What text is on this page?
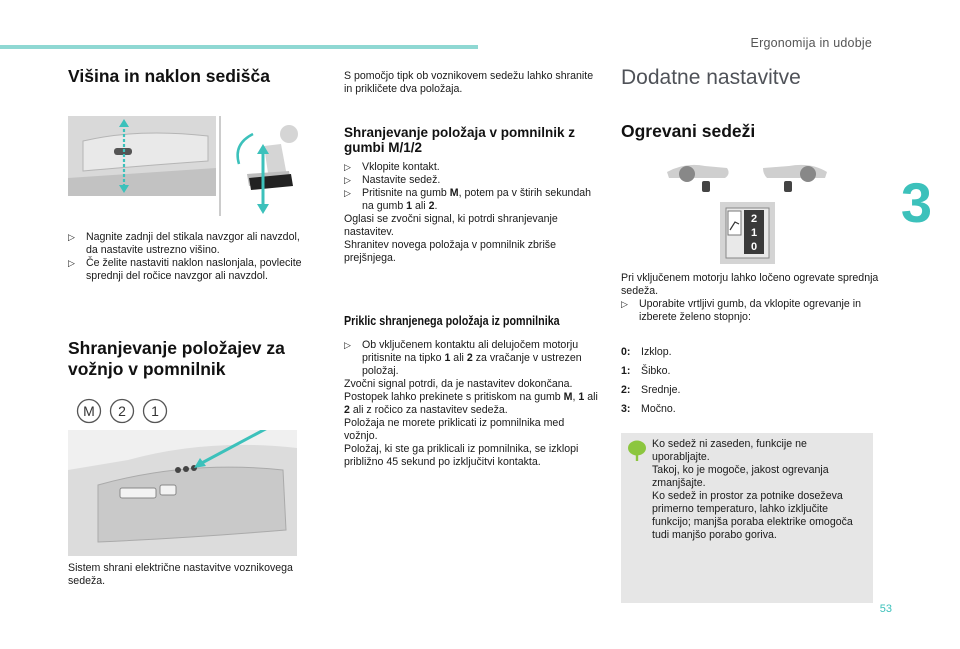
Ergonomija in udobje
3
53
Višina in naklon sedišča
▷ Nagnite zadnji del stikala navzgor ali navzdol, da nastavite ustrezno višino.
▷ Če želite nastaviti naklon naslonjala, povlecite sprednji del ročice navzgor ali navzdol.
Shranjevanje položajev za vožnjo v pomnilnik
M 2 1

Sistem shrani električne nastavitve voznikovega sedeža.

S pomočjo tipk ob voznikovem sedežu lahko shranite in prikličete dva položaja.

Shranjevanje položaja v pomnilnik z gumbi M/1/2
▷ Vklopite kontakt.
▷ Nastavite sedež.
▷ Pritisnite na gumb M, potem pa v štirih sekundah na gumb 1 ali 2.

Oglasi se zvočni signal, ki potrdi shranjevanje nastavitev.

Shranitev novega položaja v pomnilnik zbriše prejšnjega.

Priklic shranjenega položaja iz pomnilnika
▷ Ob vključenem kontaktu ali delujočem motorju pritisnite na tipko 1 ali 2 za vračanje v ustrezen položaj.

Zvočni signal potrdi, da je nastavitev dokončana.

Postopek lahko prekinete s pritiskom na gumb M, 1 ali 2 ali z ročico za nastavitev sedeža.

Položaja ne morete priklicati iz pomnilnika med vožnjo.

Položaj, ki ste ga priklicali iz pomnilnika, se izklopi približno 45 sekund po izključitvi kontakta.

Dodatne nastavitve
Ogrevani sedeži
2
1
0

Pri vključenem motorju lahko ločeno ogrevate sprednja sedeža.

▷ Uporabite vrtljivi gumb, da vklopite ogrevanje in izberete želeno stopnjo:
0: Izklop.
1: Šibko.
2: Srednje.
3: Močno.

Ko sedež ni zaseden, funkcije ne uporabljajte.

Takoj, ko je mogoče, jakost ogrevanja zmanjšajte.

Ko sedež in prostor za potnike doseževa primerno temperaturo, lahko izključite funkcijo; manjša poraba elektrike omogoča tudi manjšo porabo goriva.
